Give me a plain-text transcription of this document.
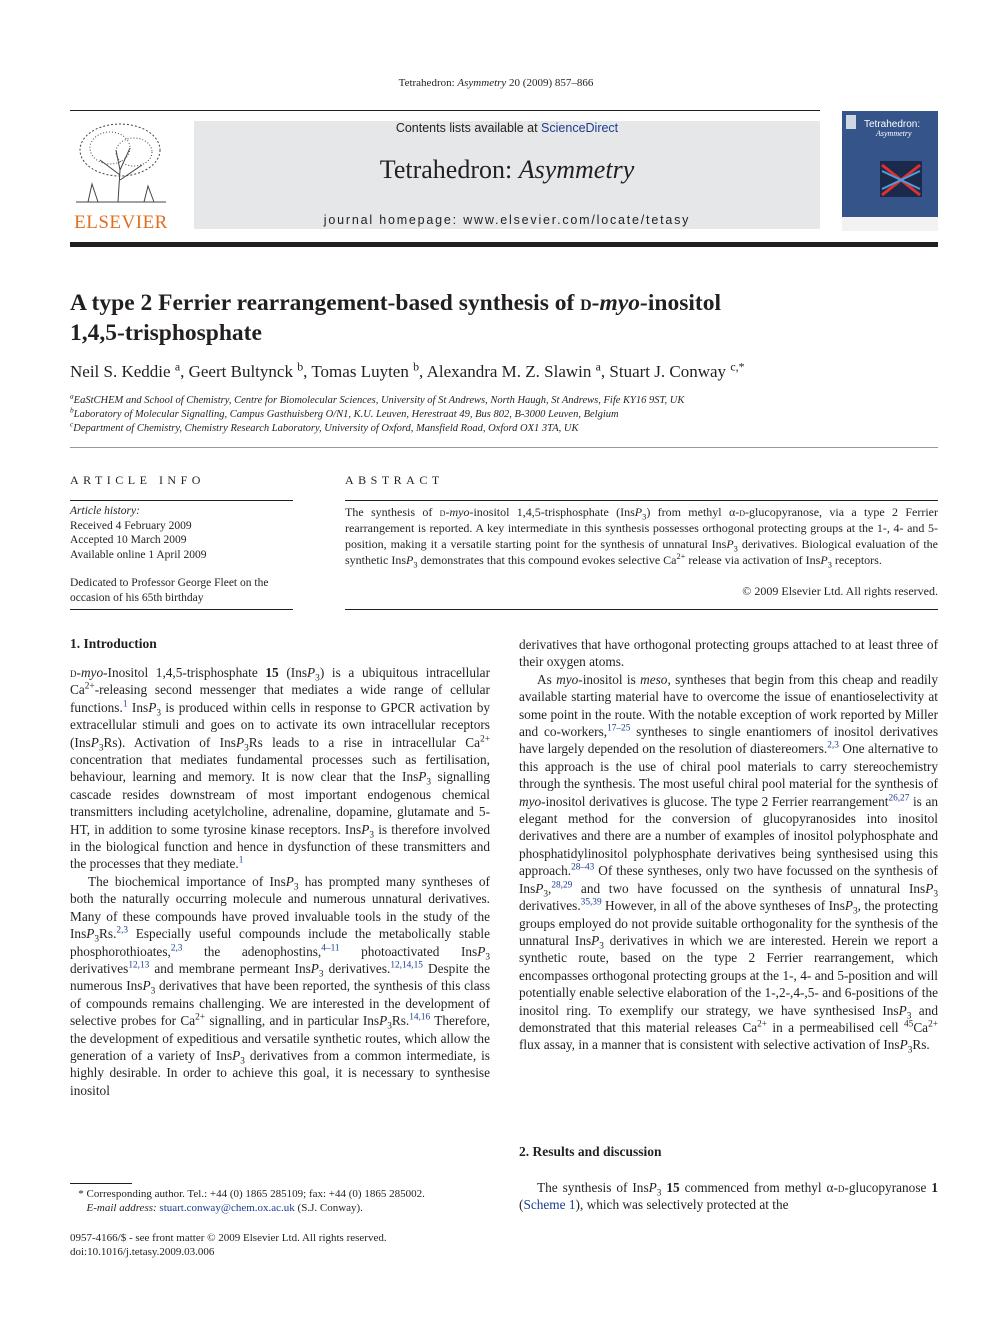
Tetrahedron: Asymmetry 20 (2009) 857–866
ELSEVIER
Contents lists available at ScienceDirect
Tetrahedron: Asymmetry
journal homepage: www.elsevier.com/locate/tetasy
Tetrahedron:
Asymmetry
A type 2 Ferrier rearrangement-based synthesis of d-myo-inositol
1,4,5-trisphosphate
Neil S. Keddie $^a$, Geert Bultynck $^b$, Tomas Luyten $^b$, Alexandra M. Z. Slawin $^a$, Stuart J. Conway $^{c,*}$
$^a$EaStCHEM and School of Chemistry, Centre for Biomolecular Sciences, University of St Andrews, North Haugh, St Andrews, Fife KY16 9ST, UK
$^b$Laboratory of Molecular Signalling, Campus Gasthuisberg O/N1, K.U. Leuven, Herestraat 49, Bus 802, B-3000 Leuven, Belgium
$^c$Department of Chemistry, Chemistry Research Laboratory, University of Oxford, Mansfield Road, Oxford OX1 3TA, UK
ARTICLE INFO	ABSTRACT
Article history:
Received 4 February 2009
Accepted 10 March 2009
Available online 1 April 2009
Dedicated to Professor George Fleet on the occasion of his 65th birthday
The synthesis of d-myo-inositol 1,4,5-trisphosphate (InsP$_3$) from methyl α-d-glucopyranose, via a type 2 Ferrier rearrangement is reported. A key intermediate in this synthesis possesses orthogonal protecting groups at the 1-, 4- and 5-position, making it a versatile starting point for the synthesis of unnatural InsP$_3$ derivatives. Biological evaluation of the synthetic InsP$_3$ demonstrates that this compound evokes selective $Ca^{2+}$ release via activation of InsP$_3$ receptors.
© 2009 Elsevier Ltd. All rights reserved.
1. Introduction

d-myo-Inositol 1,4,5-trisphosphate 15 (InsP$_3$) is a ubiquitous intracellular $Ca^{2+}$-releasing second messenger that mediates a wide range of cellular functions.$^1$ InsP$_3$ is produced within cells in response to GPCR activation by extracellular stimuli and goes on to activate its own intracellular receptors (InsP$_3$Rs). Activation of InsP$_3$Rs leads to a rise in intracellular $Ca^{2+}$ concentration that mediates fundamental processes such as fertilisation, behaviour, learning and memory. It is now clear that the InsP$_3$ signalling cascade resides downstream of most important endogenous chemical transmitters including acetylcholine, adrenaline, dopamine, glutamate and 5-HT, in addition to some tyrosine kinase receptors. InsP$_3$ is therefore involved in the biological function and hence in dysfunction of these transmitters and the processes that they mediate.$^1$

The biochemical importance of InsP$_3$ has prompted many syntheses of both the naturally occurring molecule and numerous unnatural derivatives. Many of these compounds have proved invaluable tools in the study of the InsP$_3$Rs.$^{2,3}$ Especially useful compounds include the metabolically stable phosphorothioates,$^{2,3}$ the adenophostins,$^{4-11}$ photoactivated InsP$_3$ derivatives$^{12,13}$ and membrane permeant InsP$_3$ derivatives.$^{12,14,15}$ Despite the numerous InsP$_3$ derivatives that have been reported, the synthesis of this class of compounds remains challenging. We are interested in the development of selective probes for $Ca^{2+}$ signalling, and in particular InsP$_3$Rs.$^{14,16}$ Therefore, the development of expeditious and versatile synthetic routes, which allow the generation of a variety of InsP$_3$ derivatives from a common intermediate, is highly desirable. In order to achieve this goal, it is necessary to synthesise inositol

derivatives that have orthogonal protecting groups attached to at least three of their oxygen atoms.

As myo-inositol is meso, syntheses that begin from this cheap and readily available starting material have to overcome the issue of enantioselectivity at some point in the route. With the notable exception of work reported by Miller and co-workers,$^{17-25}$ syntheses to single enantiomers of inositol derivatives have largely depended on the resolution of diastereomers.$^{2,3}$ One alternative to this approach is the use of chiral pool materials to carry stereochemistry through the synthesis. The most useful chiral pool material for the synthesis of myo-inositol derivatives is glucose. The type 2 Ferrier rearrangement$^{26,27}$ is an elegant method for the conversion of glucopyranosides into inositol derivatives and there are a number of examples of inositol polyphosphate and phosphatidylinositol polyphosphate derivatives being synthesised using this approach.$^{28-43}$ Of these syntheses, only two have focussed on the synthesis of InsP$_3$,$^{28,29}$ and two have focussed on the synthesis of unnatural InsP$_3$ derivatives.$^{35,39}$ However, in all of the above syntheses of InsP$_3$, the protecting groups employed do not provide suitable orthogonality for the synthesis of the unnatural InsP$_3$ derivatives in which we are interested. Herein we report a synthetic route, based on the type 2 Ferrier rearrangement, which encompasses orthogonal protecting groups at the 1-, 4- and 5-position and will potentially enable selective elaboration of the 1-,2-,4-,5- and 6-positions of the inositol ring. To exemplify our strategy, we have synthesised InsP$_3$ and demonstrated that this material releases $Ca^{2+}$ in a permeabilised cell $^{45}Ca^{2+}$ flux assay, in a manner that is consistent with selective activation of InsP$_3$Rs.

2. Results and discussion

The synthesis of InsP$_3$ 15 commenced from methyl α-d-glucopyranose 1 (Scheme 1), which was selectively protected at the

* Corresponding author. Tel.: +44 (0) 1865 285109; fax: +44 (0) 1865 285002.
E-mail address: stuart.conway@chem.ox.ac.uk (S.J. Conway).
0957-4166/$ - see front matter © 2009 Elsevier Ltd. All rights reserved.
doi:10.1016/j.tetasy.2009.03.006
